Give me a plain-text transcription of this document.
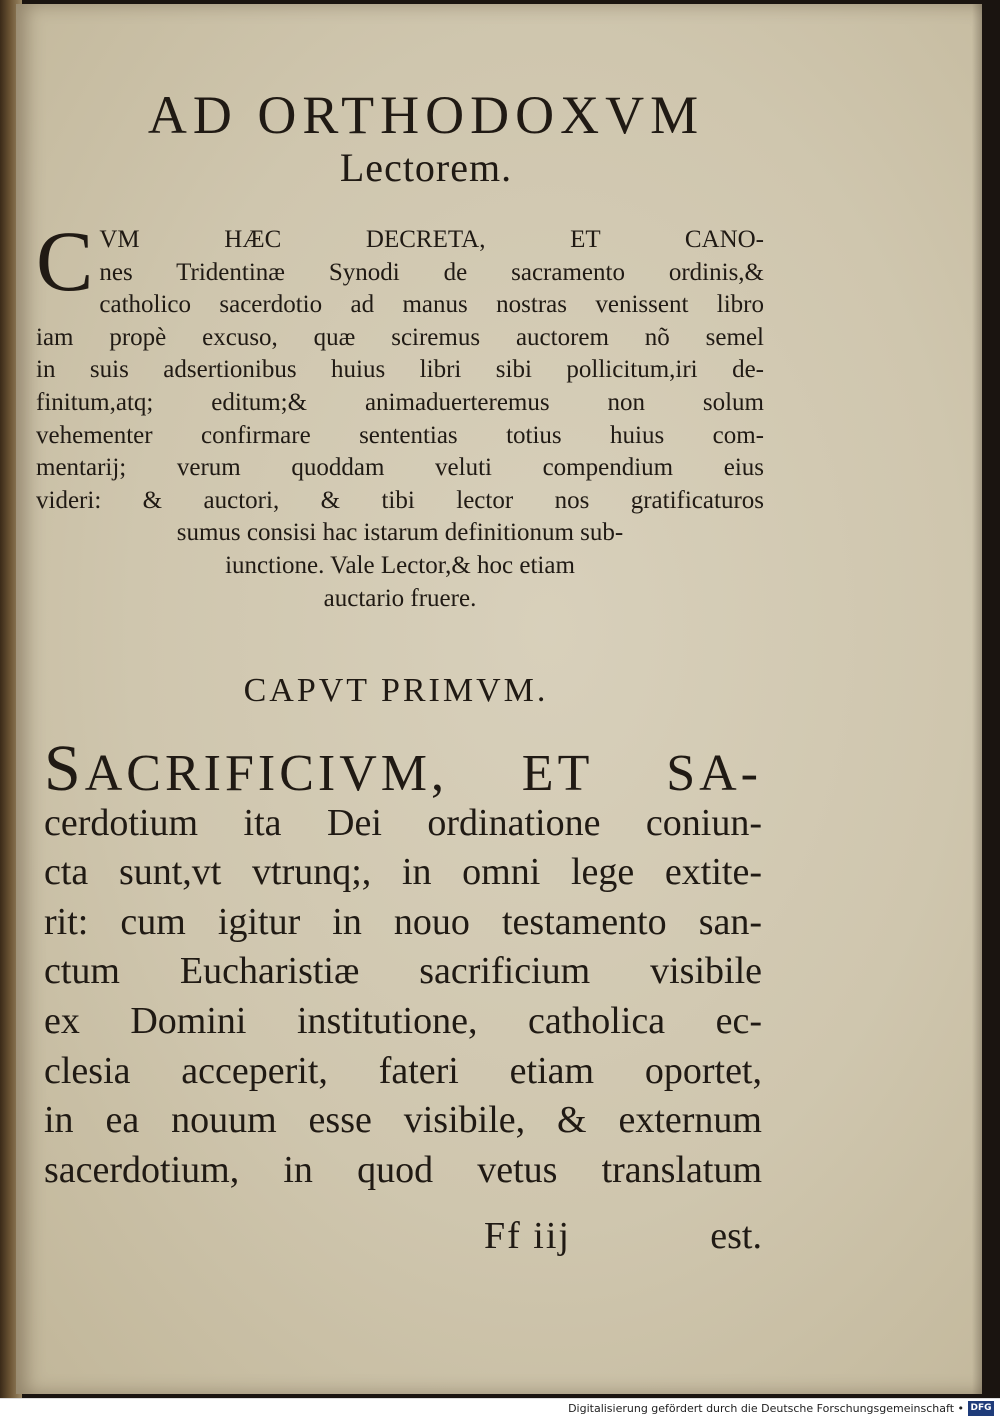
AD ORTHODOXVM
Lectorem.
C VM HÆC DECRETA, ET CANO-
nes Tridentinæ Synodi de sacramento ordinis,&
catholico sacerdotio ad manus nostras venissent libro
iam propè excuso, quæ sciremus auctorem nõ semel
in suis adsertionibus huius libri sibi pollicitum,iri de-
finitum,atq; editum;& animaduerteremus non solum
vehementer confirmare sententias totius huius com-
mentarij; verum quoddam veluti compendium eius
videri: & auctori, & tibi lector nos gratificaturos
sumus consisi hac istarum definitionum sub-
iunctione. Vale Lector,& hoc etiam
auctario fruere.
CAPVT PRIMVM.
SACRIFICIVM, ET SA-
cerdotium ita Dei ordinatione coniun-
cta sunt,vt vtrunq;, in omni lege extite-
rit: cum igitur in nouo testamento san-
ctum Eucharistiæ sacrificium visibile
ex Domini institutione, catholica ec-
clesia acceperit, fateri etiam oportet,
in ea nouum esse visibile, & externum
sacerdotium, in quod vetus translatum
Ff iij	est.
Digitalisierung gefördert durch die Deutsche Forschungsgemeinschaft • DFG
